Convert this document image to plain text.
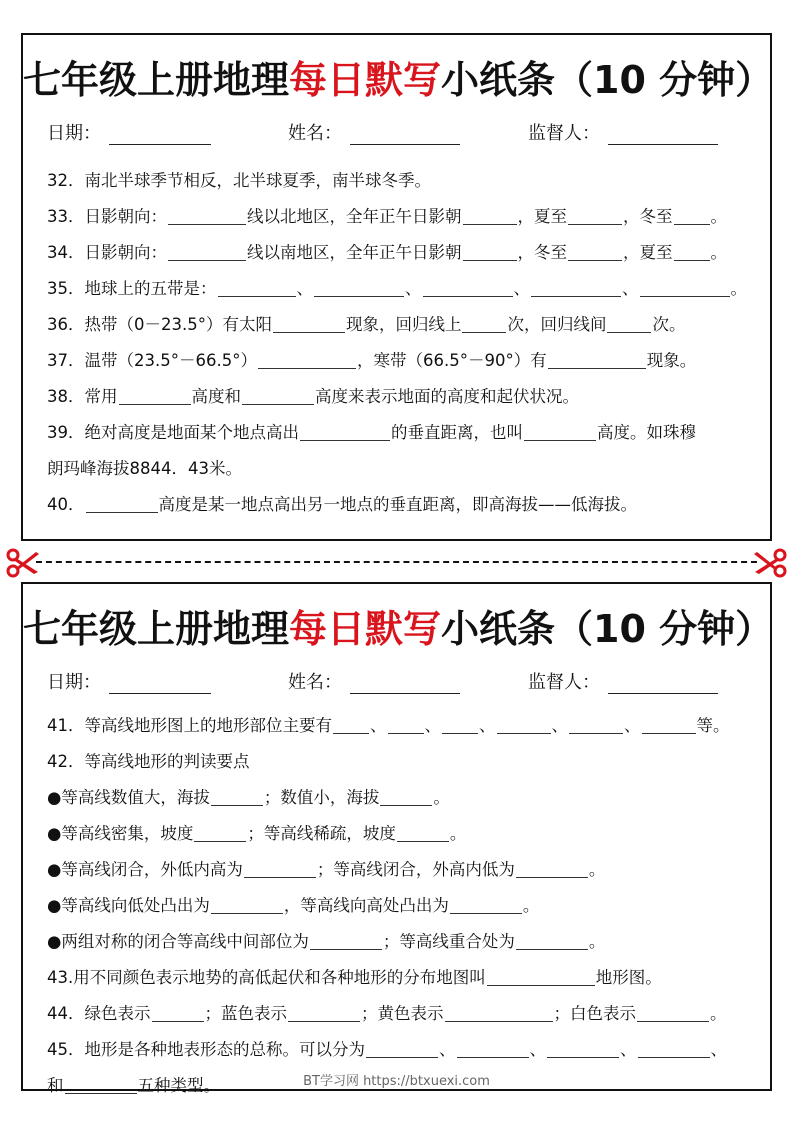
七年级上册地理每日默写小纸条（10 分钟）
日期：	姓名：	监督人：
32．南北半球季节相反，北半球夏季，南半球冬季。
33．日影朝向：	线以北地区，全年正午日影朝	，夏至	，冬至 。
34．日影朝向：	线以南地区，全年正午日影朝	，冬至	，夏至 。
35．地球上的五带是：	、	、	、	、	。
36．热带（0－23.5°）有太阳	现象，回归线上	次，回归线间	次。
37．温带（23.5°－66.5°）	，寒带（66.5°－90°）有	现象。
38．常用	高度和	高度来表示地面的高度和起伏状况。
39．绝对高度是地面某个地点高出	的垂直距离，也叫	高度。如珠穆
朗玛峰海拔8844．43米。
40．	高度是某一地点高出另一地点的垂直距离，即高海拔——低海拔。
七年级上册地理每日默写小纸条（10 分钟）
日期：	姓名：	监督人：
41．等高线地形图上的地形部位主要有 、 、 、	、	、	等。
42．等高线地形的判读要点
●等高线数值大，海拔	；数值小，海拔	。
●等高线密集，坡度	；等高线稀疏，坡度	。
●等高线闭合，外低内高为	；等高线闭合，外高内低为	。
●等高线向低处凸出为	，等高线向高处凸出为	。
●两组对称的闭合等高线中间部位为	；等高线重合处为	。
43.用不同颜色表示地势的高低起伏和各种地形的分布地图叫	地形图。
44．绿色表示	；蓝色表示	；黄色表示	；白色表示	。
45．地形是各种地表形态的总称。可以分为	、	、	、	、
和	五种类型。	BT学习网 https://btxuexi.com
